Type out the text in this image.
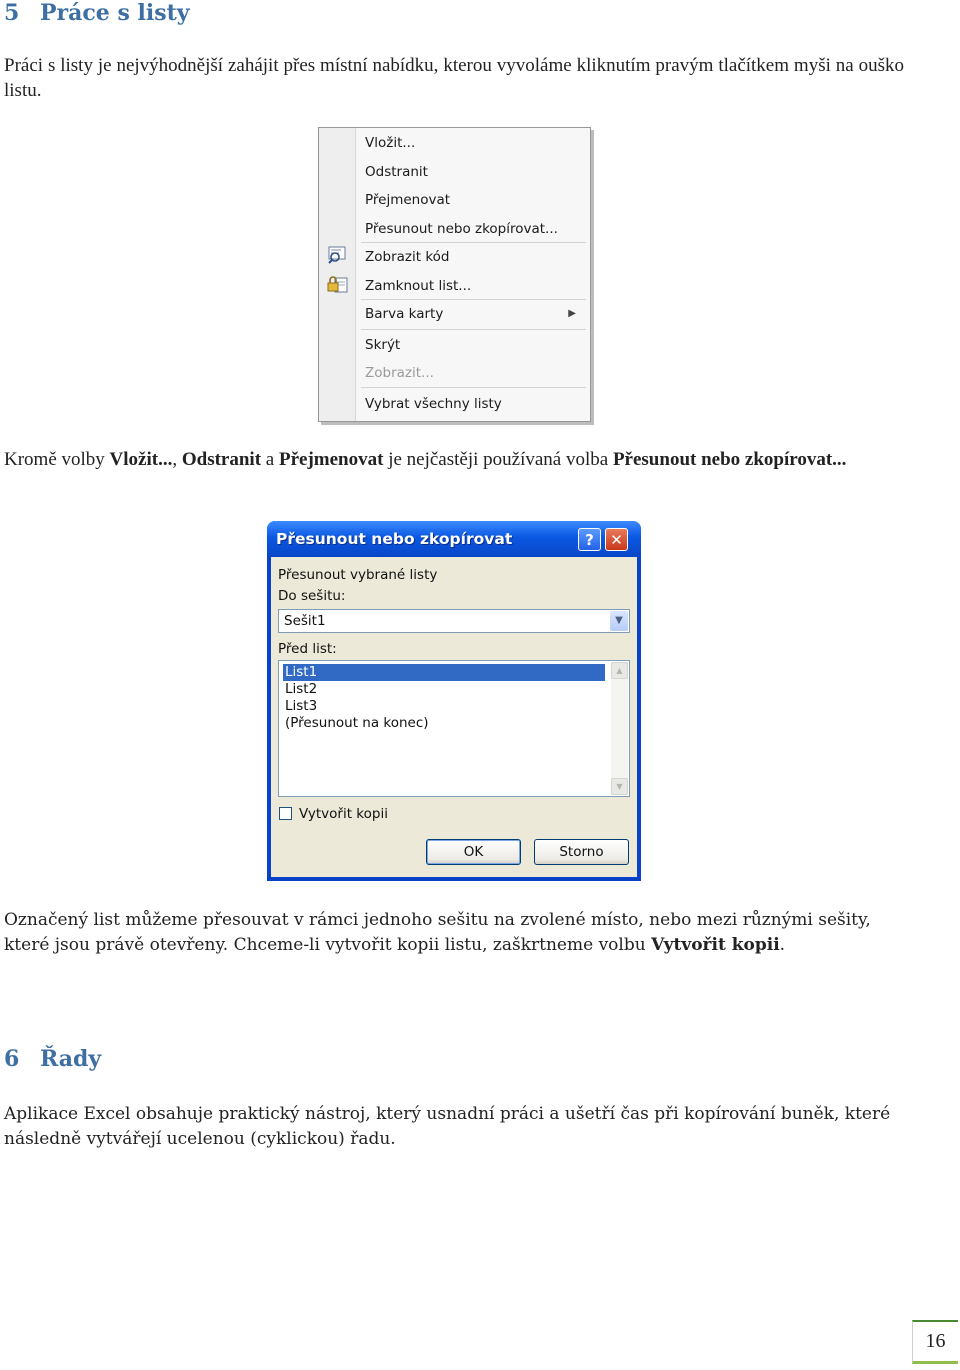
5 Práce s listy

Práci s listy je nejvýhodnější zahájit přes místní nabídku, kterou vyvoláme kliknutím pravým tlačítkem myši na ouško listu.

Vložit...
Odstranit
Přejmenovat
Přesunout nebo zkopírovat...
Zobrazit kód
Zamknout list...
Barva karty	▶
Skrýt
Zobrazit...
Vybrat všechny listy

Kromě volby Vložit..., Odstranit a Přejmenovat je nejčastěji používaná volba Přesunout nebo zkopírovat...

Přesunout nebo zkopírovat	?	✕
Přesunout vybrané listy
Do sešitu:
Sešit1	▼
Před list:
List1
List2
List3
(Přesunout na konec)
▲
▼
Vytvořit kopii
OK	Storno

Označený list můžeme přesouvat v rámci jednoho sešitu na zvolené místo, nebo mezi různými sešity, které jsou právě otevřeny. Chceme-li vytvořit kopii listu, zaškrtneme volbu Vytvořit kopii.

6 Řady

Aplikace Excel obsahuje praktický nástroj, který usnadní práci a ušetří čas při kopírování buněk, které následně vytvářejí ucelenou (cyklickou) řadu.

16
